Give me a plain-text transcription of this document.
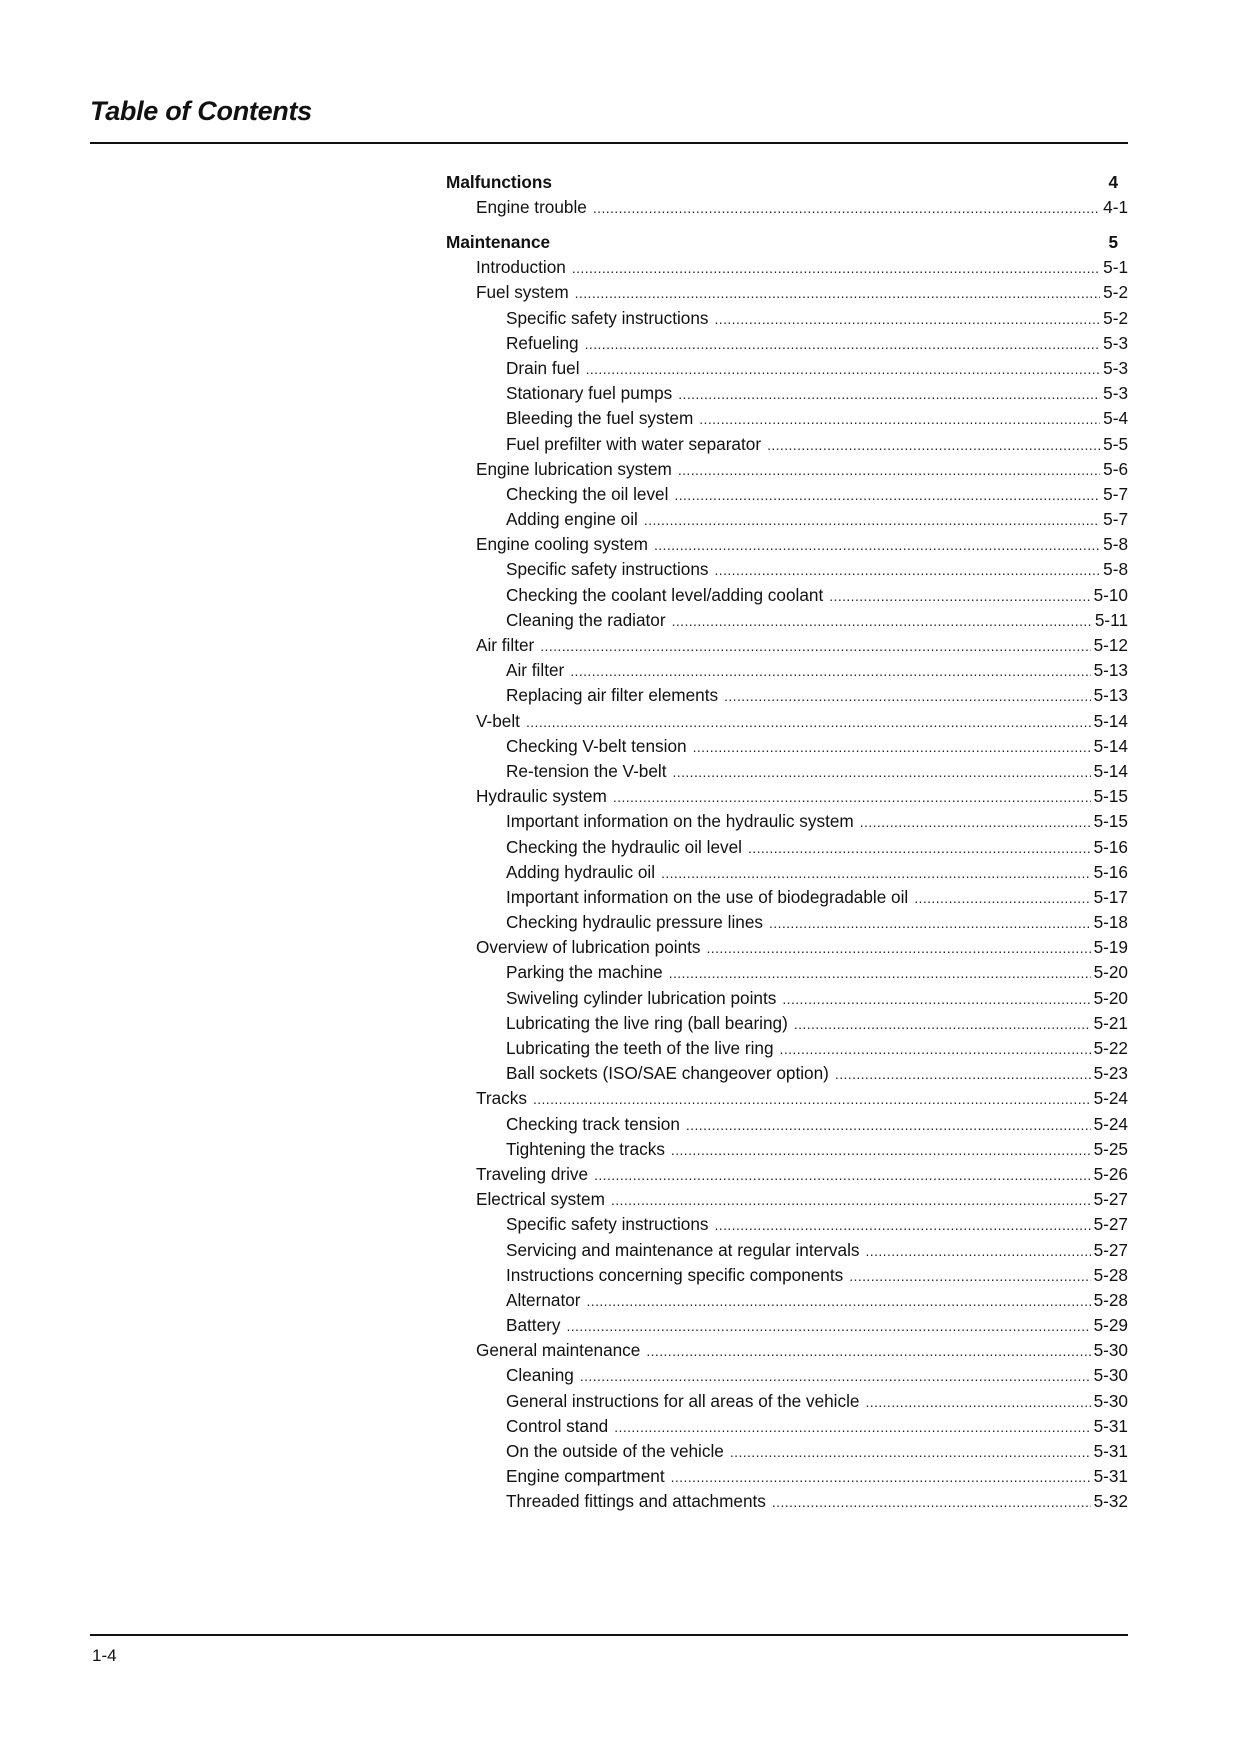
Table of Contents
Malfunctions	4
Engine trouble .....	4-1
Maintenance	5
Introduction .....	5-1
Fuel system .....	5-2
Specific safety instructions .....	5-2
Refueling .....	5-3
Drain fuel .....	5-3
Stationary fuel pumps .....	5-3
Bleeding the fuel system .....	5-4
Fuel prefilter with water separator .....	5-5
Engine lubrication system .....	5-6
Checking the oil level .....	5-7
Adding engine oil .....	5-7
Engine cooling system .....	5-8
Specific safety instructions .....	5-8
Checking the coolant level/adding coolant .....	5-10
Cleaning the radiator .....	5-11
Air filter .....	5-12
Air filter .....	5-13
Replacing air filter elements .....	5-13
V-belt .....	5-14
Checking V-belt tension .....	5-14
Re-tension the V-belt .....	5-14
Hydraulic system .....	5-15
Important information on the hydraulic system .....	5-15
Checking the hydraulic oil level .....	5-16
Adding hydraulic oil .....	5-16
Important information on the use of biodegradable oil .....	5-17
Checking hydraulic pressure lines .....	5-18
Overview of lubrication points .....	5-19
Parking the machine .....	5-20
Swiveling cylinder lubrication points .....	5-20
Lubricating the live ring (ball bearing) .....	5-21
Lubricating the teeth of the live ring .....	5-22
Ball sockets (ISO/SAE changeover option) .....	5-23
Tracks .....	5-24
Checking track tension .....	5-24
Tightening the tracks .....	5-25
Traveling drive .....	5-26
Electrical system .....	5-27
Specific safety instructions .....	5-27
Servicing and maintenance at regular intervals .....	5-27
Instructions concerning specific components .....	5-28
Alternator .....	5-28
Battery .....	5-29
General maintenance .....	5-30
Cleaning .....	5-30
General instructions for all areas of the vehicle .....	5-30
Control stand .....	5-31
On the outside of the vehicle .....	5-31
Engine compartment .....	5-31
Threaded fittings and attachments .....	5-32
1-4
